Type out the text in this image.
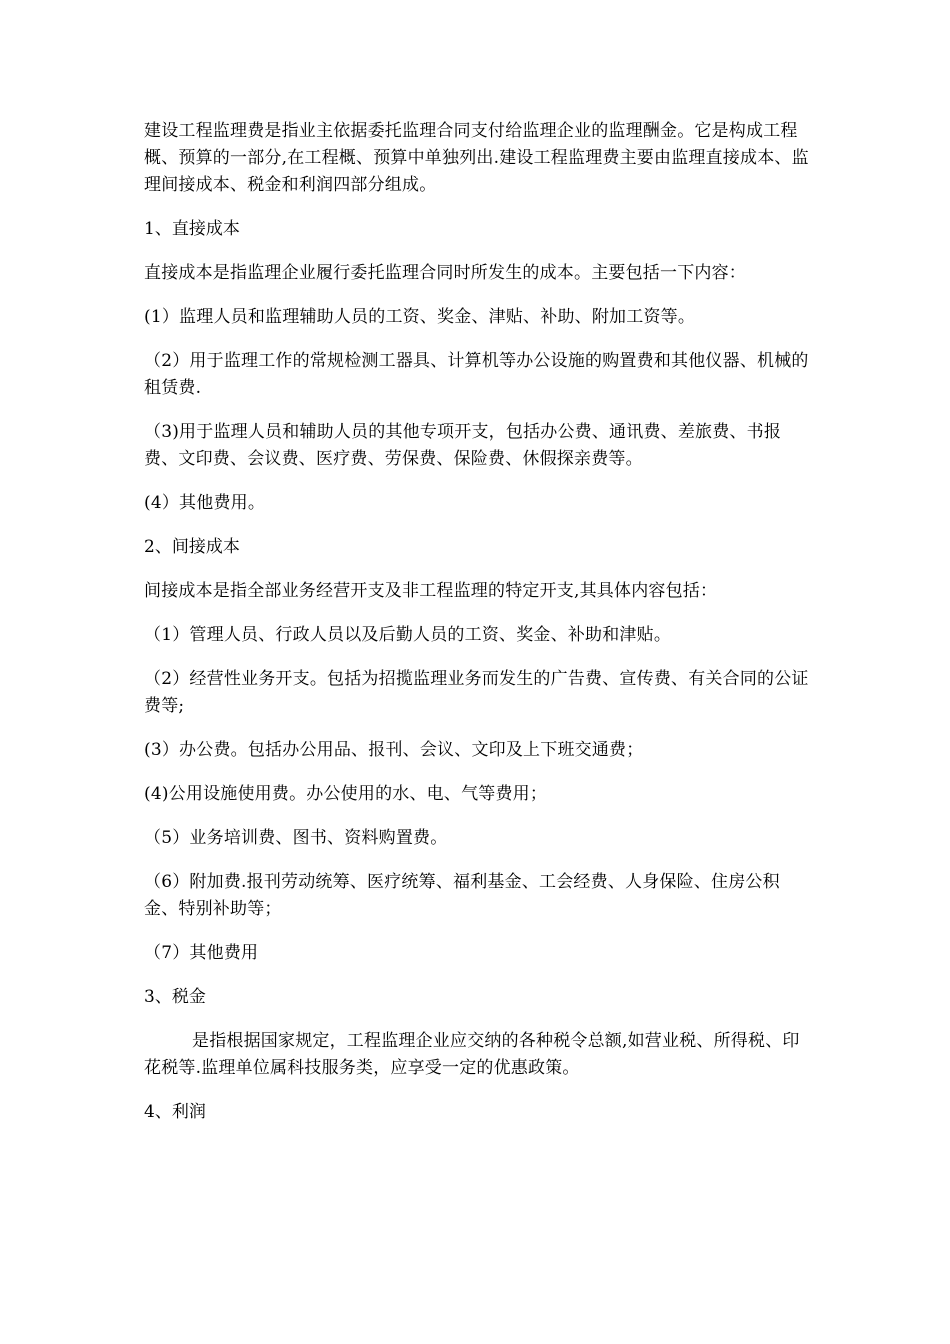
建设工程监理费是指业主依据委托监理合同支付给监理企业的监理酬金。它是构成工程概、预算的一部分,在工程概、预算中单独列出.建设工程监理费主要由监理直接成本、监理间接成本、税金和利润四部分组成。

1、直接成本

直接成本是指监理企业履行委托监理合同时所发生的成本。主要包括一下内容：

(1）监理人员和监理辅助人员的工资、奖金、津贴、补助、附加工资等。

（2）用于监理工作的常规检测工器具、计算机等办公设施的购置费和其他仪器、机械的租赁费.

（3)用于监理人员和辅助人员的其他专项开支，包括办公费、通讯费、差旅费、书报费、文印费、会议费、医疗费、劳保费、保险费、休假探亲费等。

(4）其他费用。

2、间接成本

间接成本是指全部业务经营开支及非工程监理的特定开支,其具体内容包括：

（1）管理人员、行政人员以及后勤人员的工资、奖金、补助和津贴。

（2）经营性业务开支。包括为招揽监理业务而发生的广告费、宣传费、有关合同的公证费等;

(3）办公费。包括办公用品、报刊、会议、文印及上下班交通费；

(4)公用设施使用费。办公使用的水、电、气等费用；

（5）业务培训费、图书、资料购置费。

（6）附加费.报刊劳动统筹、医疗统筹、福利基金、工会经费、人身保险、住房公积金、特别补助等；

（7）其他费用

3、税金

是指根据国家规定，工程监理企业应交纳的各种税令总额,如营业税、所得税、印花税等.监理单位属科技服务类，应享受一定的优惠政策。

4、利润
